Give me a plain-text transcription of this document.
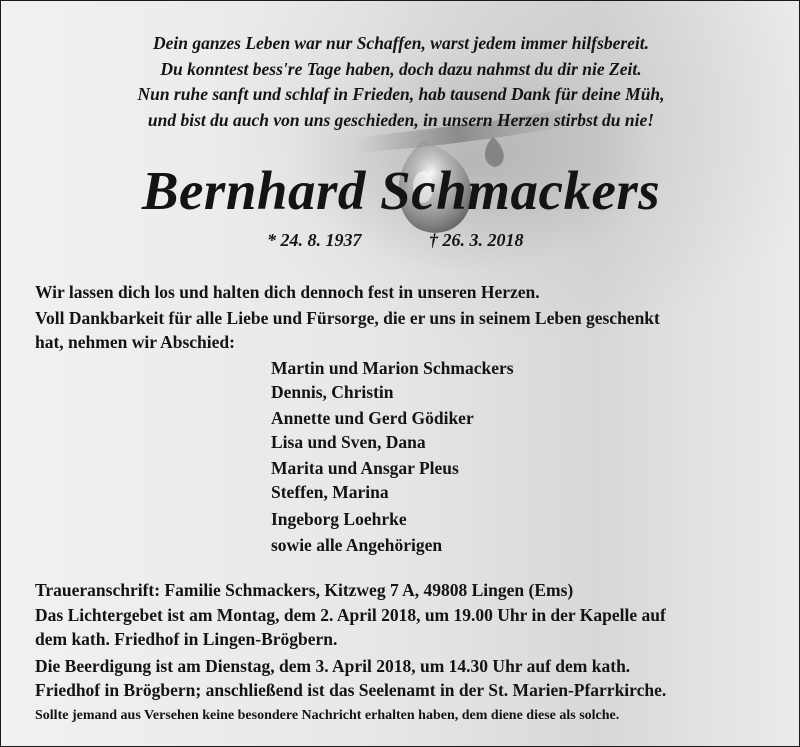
Dein ganzes Leben war nur Schaffen, warst jedem immer hilfsbereit.
Du konntest bess're Tage haben, doch dazu nahmst du dir nie Zeit.
Nun ruhe sanft und schlaf in Frieden, hab tausend Dank für deine Müh,
und bist du auch von uns geschieden, in unsern Herzen stirbst du nie!
Bernhard Schmackers
* 24. 8. 1937	† 26. 3. 2018
Wir lassen dich los und halten dich dennoch fest in unseren Herzen.
Voll Dankbarkeit für alle Liebe und Fürsorge, die er uns in seinem Leben geschenkt
hat, nehmen wir Abschied:
Martin und Marion Schmackers
Dennis, Christin
Annette und Gerd Gödiker
Lisa und Sven, Dana
Marita und Ansgar Pleus
Steffen, Marina
Ingeborg Loehrke
sowie alle Angehörigen
Traueranschrift: Familie Schmackers, Kitzweg 7 A, 49808 Lingen (Ems)
Das Lichtergebet ist am Montag, dem 2. April 2018, um 19.00 Uhr in der Kapelle auf
dem kath. Friedhof in Lingen-Brögbern.
Die Beerdigung ist am Dienstag, dem 3. April 2018, um 14.30 Uhr auf dem kath.
Friedhof in Brögbern; anschließend ist das Seelenamt in der St. Marien-Pfarrkirche.
Sollte jemand aus Versehen keine besondere Nachricht erhalten haben, dem diene diese als solche.
